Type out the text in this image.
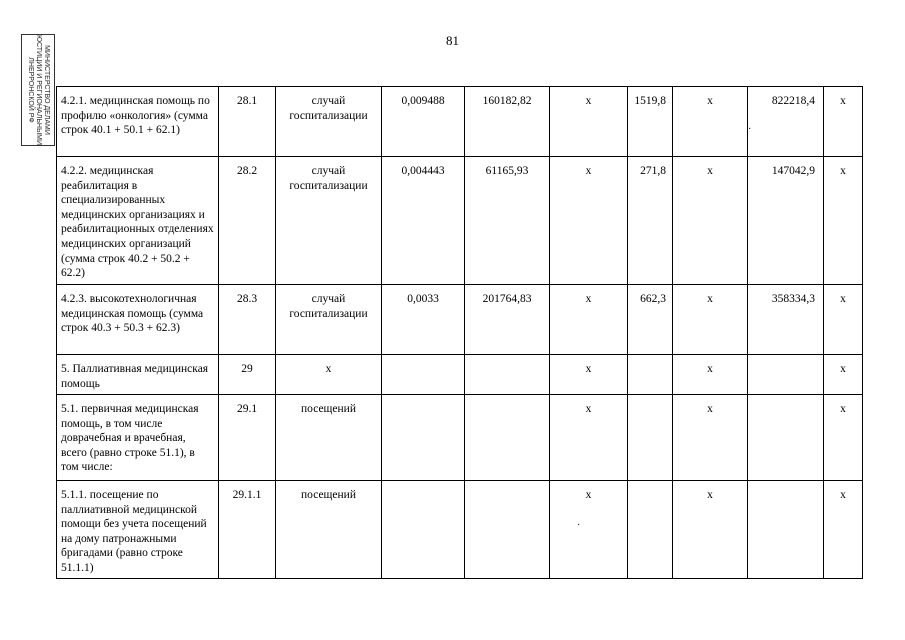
81
МИНИСТЕРСТВО ДЕЛАМИ
ЮСТИЦИИ И РЕГИОНАЛЬНЫМИ
ЛНЕРРОНСКОЙ РФ 4.2.1. медицинская помощь по профилю «онкология» (сумма строк 40.1 + 50.1 + 62.1)	28.1	случай госпитализации	0,009488	160182,82	х	1519,8	х	822218,4	х
4.2.2. медицинская реабилитация в специализированных медицинских организациях и реабилитационных отделениях медицинских организаций (сумма строк 40.2 + 50.2 + 62.2)	28.2	случай госпитализации	0,004443	61165,93	х	271,8	х	147042,9	х
4.2.3. высокотехнологичная медицинская помощь (сумма строк 40.3 + 50.3 + 62.3)	28.3	случай госпитализации	0,0033	201764,83	х	662,3	х	358334,3	х
5. Паллиативная медицинская помощь	29	х			х		х		х
5.1. первичная медицинская помощь, в том числе доврачебная и врачебная, всего (равно строке 51.1), в том числе:	29.1	посещений			х		х		х
5.1.1. посещение по паллиативной медицинской помощи без учета посещений на дому патронажными бригадами (равно строке 51.1.1)	29.1.1	посещений			х		х		х
·
·
